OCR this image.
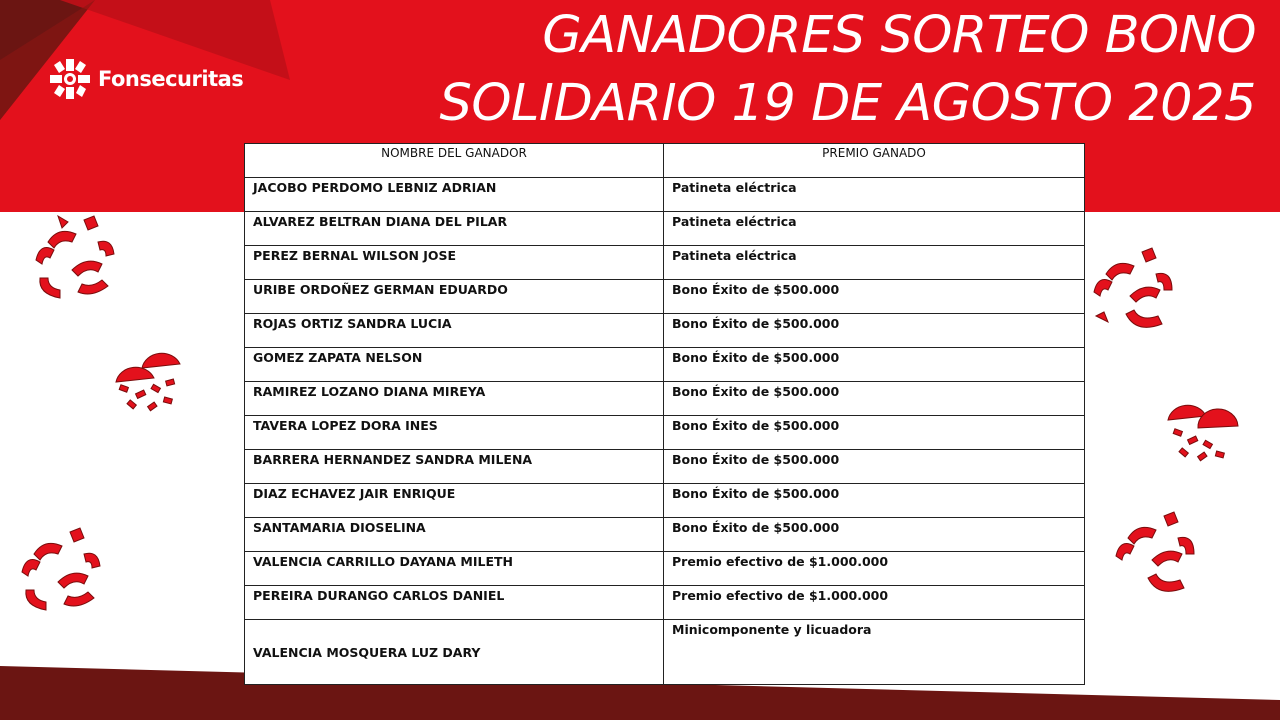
Fonsecuritas
GANADORES SORTEO BONO
SOLIDARIO 19 DE AGOSTO 2025
NOMBRE DEL GANADOR	PREMIO GANADO
JACOBO PERDOMO LEBNIZ ADRIAN	Patineta eléctrica
ALVAREZ BELTRAN DIANA DEL PILAR	Patineta eléctrica
PEREZ BERNAL WILSON JOSE	Patineta eléctrica
URIBE ORDOÑEZ GERMAN EDUARDO	Bono Éxito de $500.000
ROJAS ORTIZ SANDRA LUCIA	Bono Éxito de $500.000
GOMEZ ZAPATA NELSON	Bono Éxito de $500.000
RAMIREZ LOZANO DIANA MIREYA	Bono Éxito de $500.000
TAVERA LOPEZ DORA INES	Bono Éxito de $500.000
BARRERA HERNANDEZ SANDRA MILENA	Bono Éxito de $500.000
DIAZ ECHAVEZ JAIR ENRIQUE	Bono Éxito de $500.000
SANTAMARIA DIOSELINA	Bono Éxito de $500.000
VALENCIA CARRILLO DAYANA MILETH	Premio efectivo de $1.000.000
PEREIRA DURANGO CARLOS DANIEL	Premio efectivo de $1.000.000
VALENCIA MOSQUERA LUZ DARY	Minicomponente y licuadora
